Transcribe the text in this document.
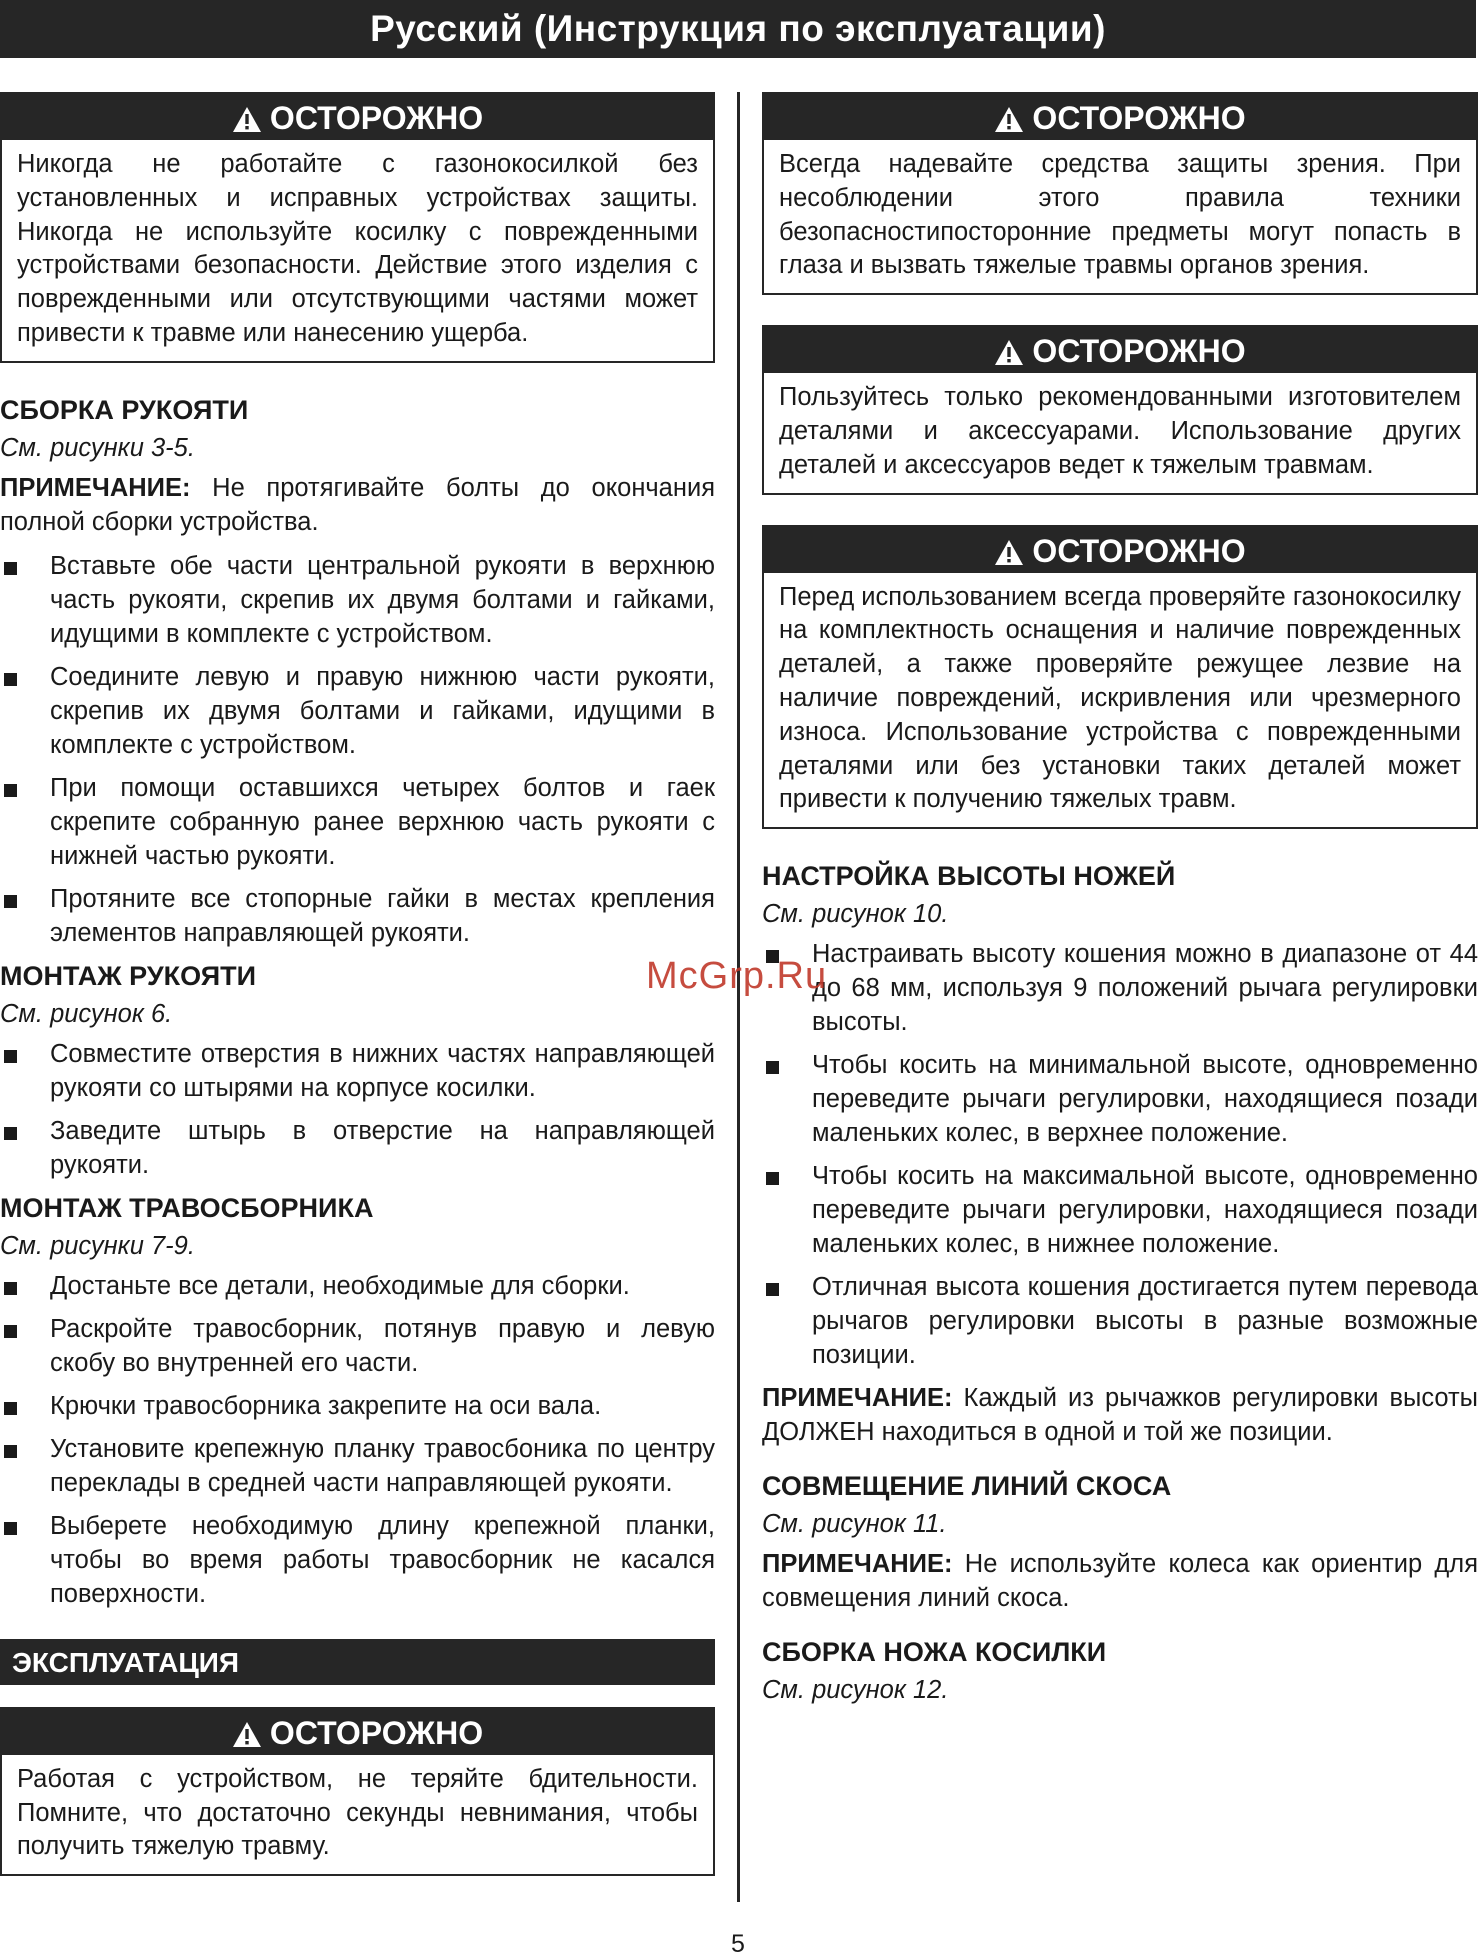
Русский (Инструкция по эксплуатации)
ОСТОРОЖНО
Никогда не работайте с газонокосилкой без установленных и исправных устройствах защиты. Никогда не используйте косилку с поврежденными устройствами безопасности. Действие этого изделия с поврежденными или отсутствующими частями может привести к травме или нанесению ущерба.
СБОРКА РУКОЯТИ
См. рисунки 3-5.

ПРИМЕЧАНИЕ: Не протягивайте болты до окончания полной сборки устройства.

Вставьте обе части центральной рукояти в верхнюю часть рукояти, скрепив их двумя болтами и гайками, идущими в комплекте с устройством.
Соедините левую и правую нижнюю части рукояти, скрепив их двумя болтами и гайками, идущими в комплекте с устройством.
При помощи оставшихся четырех болтов и гаек скрепите собранную ранее верхнюю часть рукояти с нижней частью рукояти.
Протяните все стопорные гайки в местах крепления элементов направляющей рукояти.
МОНТАЖ РУКОЯТИ
См. рисунок 6.
Совместите отверстия в нижних частях направляющей рукояти со штырями на корпусе косилки.
Заведите штырь в отверстие на направляющей рукояти.
МОНТАЖ ТРАВОСБОРНИКА
См. рисунки 7-9.
Достаньте все детали, необходимые для сборки.
Раскройте травосборник, потянув правую и левую скобу во внутренней его части.
Крючки травосборника закрепите на оси вала.
Установите крепежную планку травосбоника по центру переклады в средней части направляющей рукояти.
Выберете необходимую длину крепежной планки, чтобы во время работы травосборник не касался поверхности.
ЭКСПЛУАТАЦИЯ
ОСТОРОЖНО
Работая с устройством, не теряйте бдительности. Помните, что достаточно секунды невнимания, чтобы получить тяжелую травму.
ОСТОРОЖНО
Всегда надевайте средства защиты зрения. При несоблюдении этого правила техники безопасностипосторонние предметы могут попасть в глаза и вызвать тяжелые травмы органов зрения.
ОСТОРОЖНО
Пользуйтесь только рекомендованными изготовителем деталями и аксессуарами. Использование других деталей и аксессуаров ведет к тяжелым травмам.
ОСТОРОЖНО
Перед использованием всегда проверяйте газонокосилку на комплектность оснащения и наличие поврежденных деталей, а также проверяйте режущее лезвие на наличие повреждений, искривления или чрезмерного износа. Использование устройства с поврежденными деталями или без установки таких деталей может привести к получению тяжелых травм.
НАСТРОЙКА ВЫСОТЫ НОЖЕЙ
См. рисунок 10.
Настраивать высоту кошения можно в диапазоне от 44 до 68 мм, используя 9 положений рычага регулировки высоты.
Чтобы косить на минимальной высоте, одновременно переведите рычаги регулировки, находящиеся позади маленьких колес, в верхнее положение.
Чтобы косить на максимальной высоте, одновременно переведите рычаги регулировки, находящиеся позади маленьких колес, в нижнее положение.
Отличная высота кошения достигается путем перевода рычагов регулировки высоты в разные возможные позиции.

ПРИМЕЧАНИЕ: Каждый из рычажков регулировки высоты ДОЛЖЕН находиться в одной и той же позиции.

СОВМЕЩЕНИЕ ЛИНИЙ СКОСА
См. рисунок 11.

ПРИМЕЧАНИЕ: Не используйте колеса как ориентир для совмещения линий скоса.

СБОРКА НОЖА КОСИЛКИ
См. рисунок 12.
McGrp.Ru
5
